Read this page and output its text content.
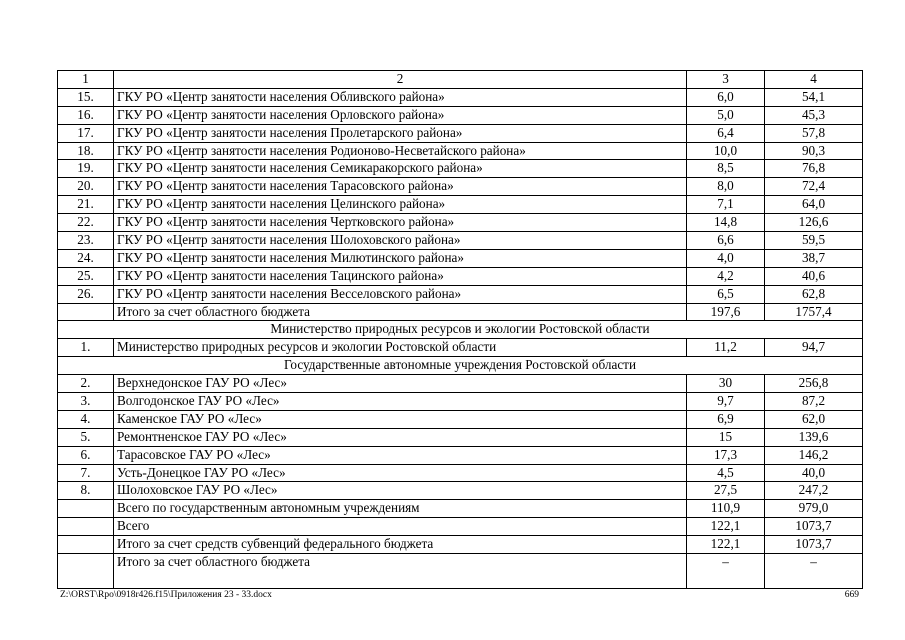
1	2	3	4
15.	ГКУ РО «Центр занятости населения Обливского района»	6,0	54,1
16.	ГКУ РО «Центр занятости населения Орловского района»	5,0	45,3
17.	ГКУ РО «Центр занятости населения Пролетарского района»	6,4	57,8
18.	ГКУ РО «Центр занятости населения Родионово-Несветайского района»	10,0	90,3
19.	ГКУ РО «Центр занятости населения Семикаракорского района»	8,5	76,8
20.	ГКУ РО «Центр занятости населения Тарасовского района»	8,0	72,4
21.	ГКУ РО «Центр занятости населения Целинского района»	7,1	64,0
22.	ГКУ РО «Центр занятости населения Чертковского района»	14,8	126,6
23.	ГКУ РО «Центр занятости населения Шолоховского района»	6,6	59,5
24.	ГКУ РО «Центр занятости населения Милютинского района»	4,0	38,7
25.	ГКУ РО «Центр занятости населения Тацинского района»	4,2	40,6
26.	ГКУ РО «Центр занятости населения Весселовского района»	6,5	62,8
	Итого за счет областного бюджета	197,6	1757,4
Министерство природных ресурсов и экологии Ростовской области			
1.	Министерство природных ресурсов и экологии Ростовской области	11,2	94,7
Государственные автономные учреждения Ростовской области			
2.	Верхнедонское ГАУ РО «Лес»	30	256,8
3.	Волгодонское ГАУ РО «Лес»	9,7	87,2
4.	Каменское ГАУ РО «Лес»	6,9	62,0
5.	Ремонтненское ГАУ РО «Лес»	15	139,6
6.	Тарасовское ГАУ РО «Лес»	17,3	146,2
7.	Усть-Донецкое ГАУ РО «Лес»	4,5	40,0
8.	Шолоховское ГАУ РО «Лес»	27,5	247,2
	Всего по государственным автономным учреждениям	110,9	979,0
	Всего	122,1	1073,7
	Итого за счет средств субвенций федерального бюджета	122,1	1073,7
	Итого за счет областного бюджета	–	–
Z:\ORST\Rpo\0918r426.f15\Приложения 23 - 33.docx	669
